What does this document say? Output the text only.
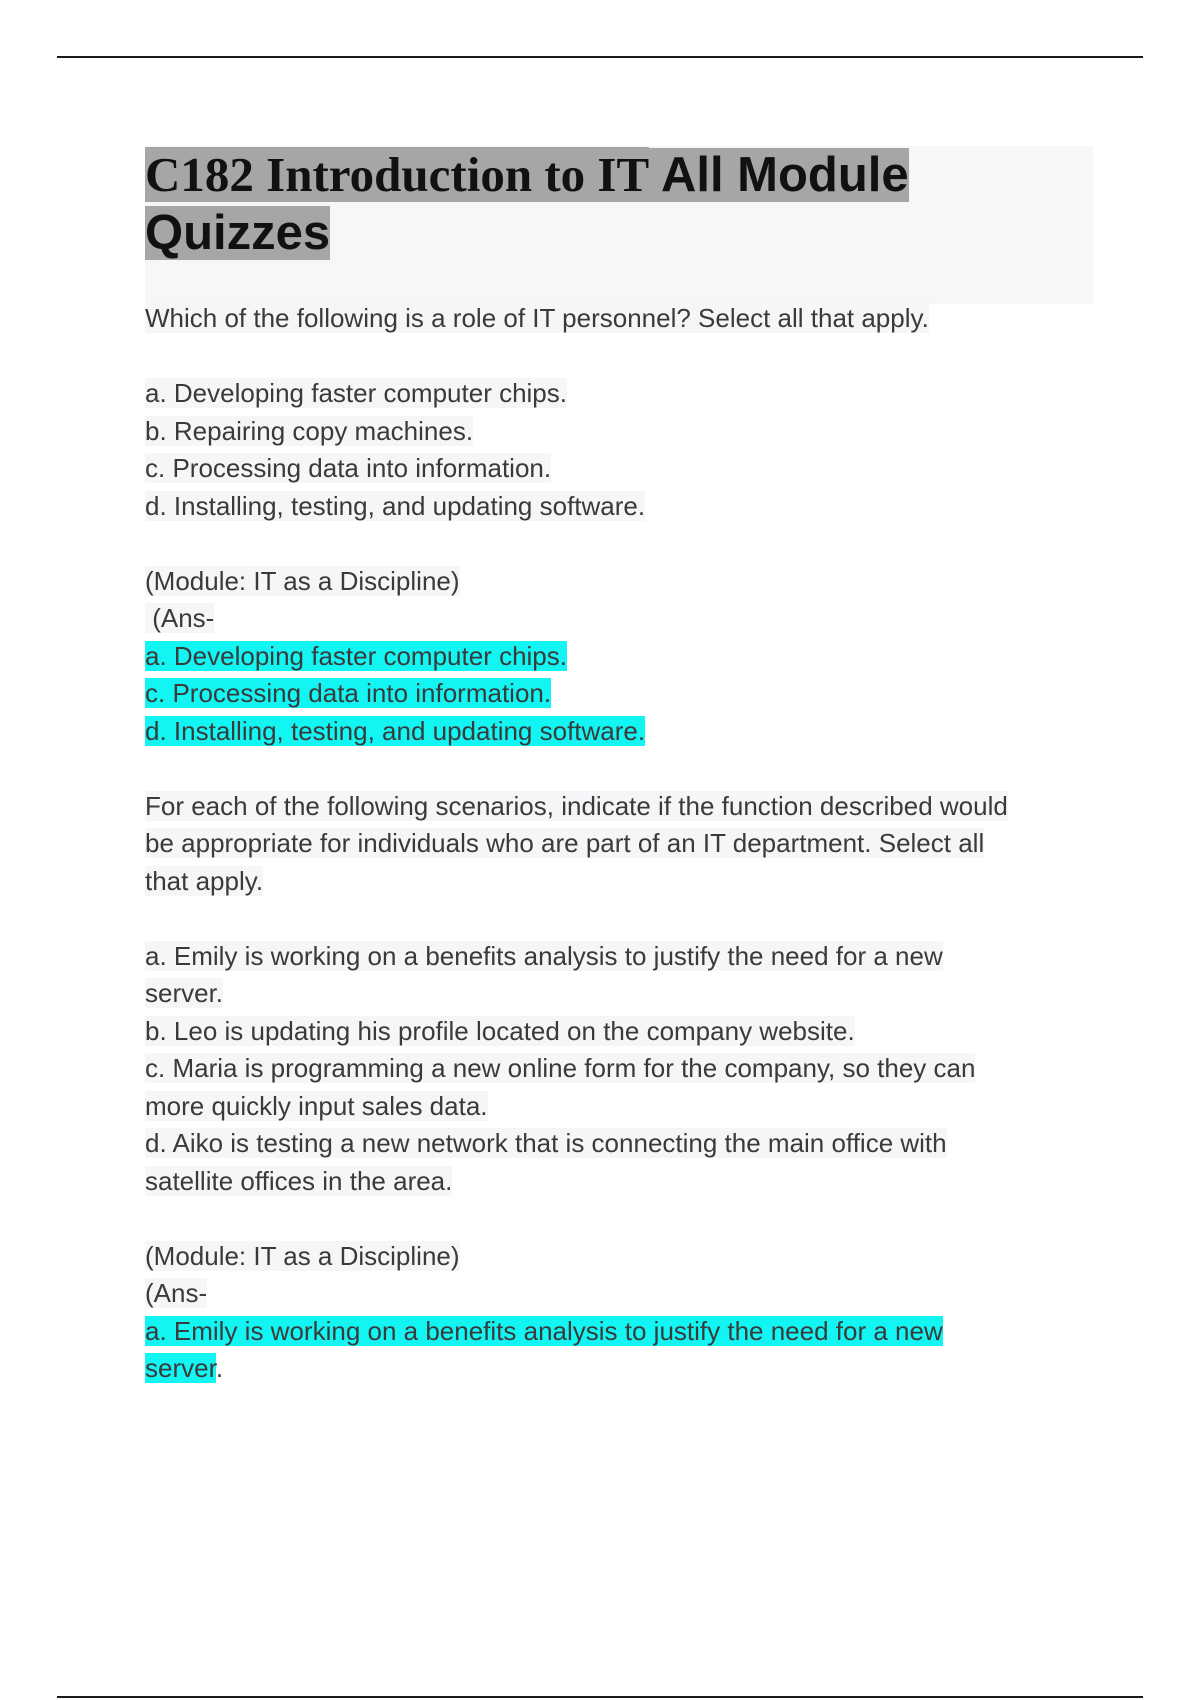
C182 Introduction to IT All Module
Quizzes

Which of the following is a role of IT personnel? Select all that apply.

a. Developing faster computer chips.

b. Repairing copy machines.

c. Processing data into information.

d. Installing, testing, and updating software.

(Module: IT as a Discipline)

(Ans-

a. Developing faster computer chips.

c. Processing data into information.

d. Installing, testing, and updating software.

For each of the following scenarios, indicate if the function described would

be appropriate for individuals who are part of an IT department. Select all

that apply.

a. Emily is working on a benefits analysis to justify the need for a new

server.

b. Leo is updating his profile located on the company website.

c. Maria is programming a new online form for the company, so they can

more quickly input sales data.

d. Aiko is testing a new network that is connecting the main office with

satellite offices in the area.

(Module: IT as a Discipline)

(Ans-

a. Emily is working on a benefits analysis to justify the need for a new

server.
